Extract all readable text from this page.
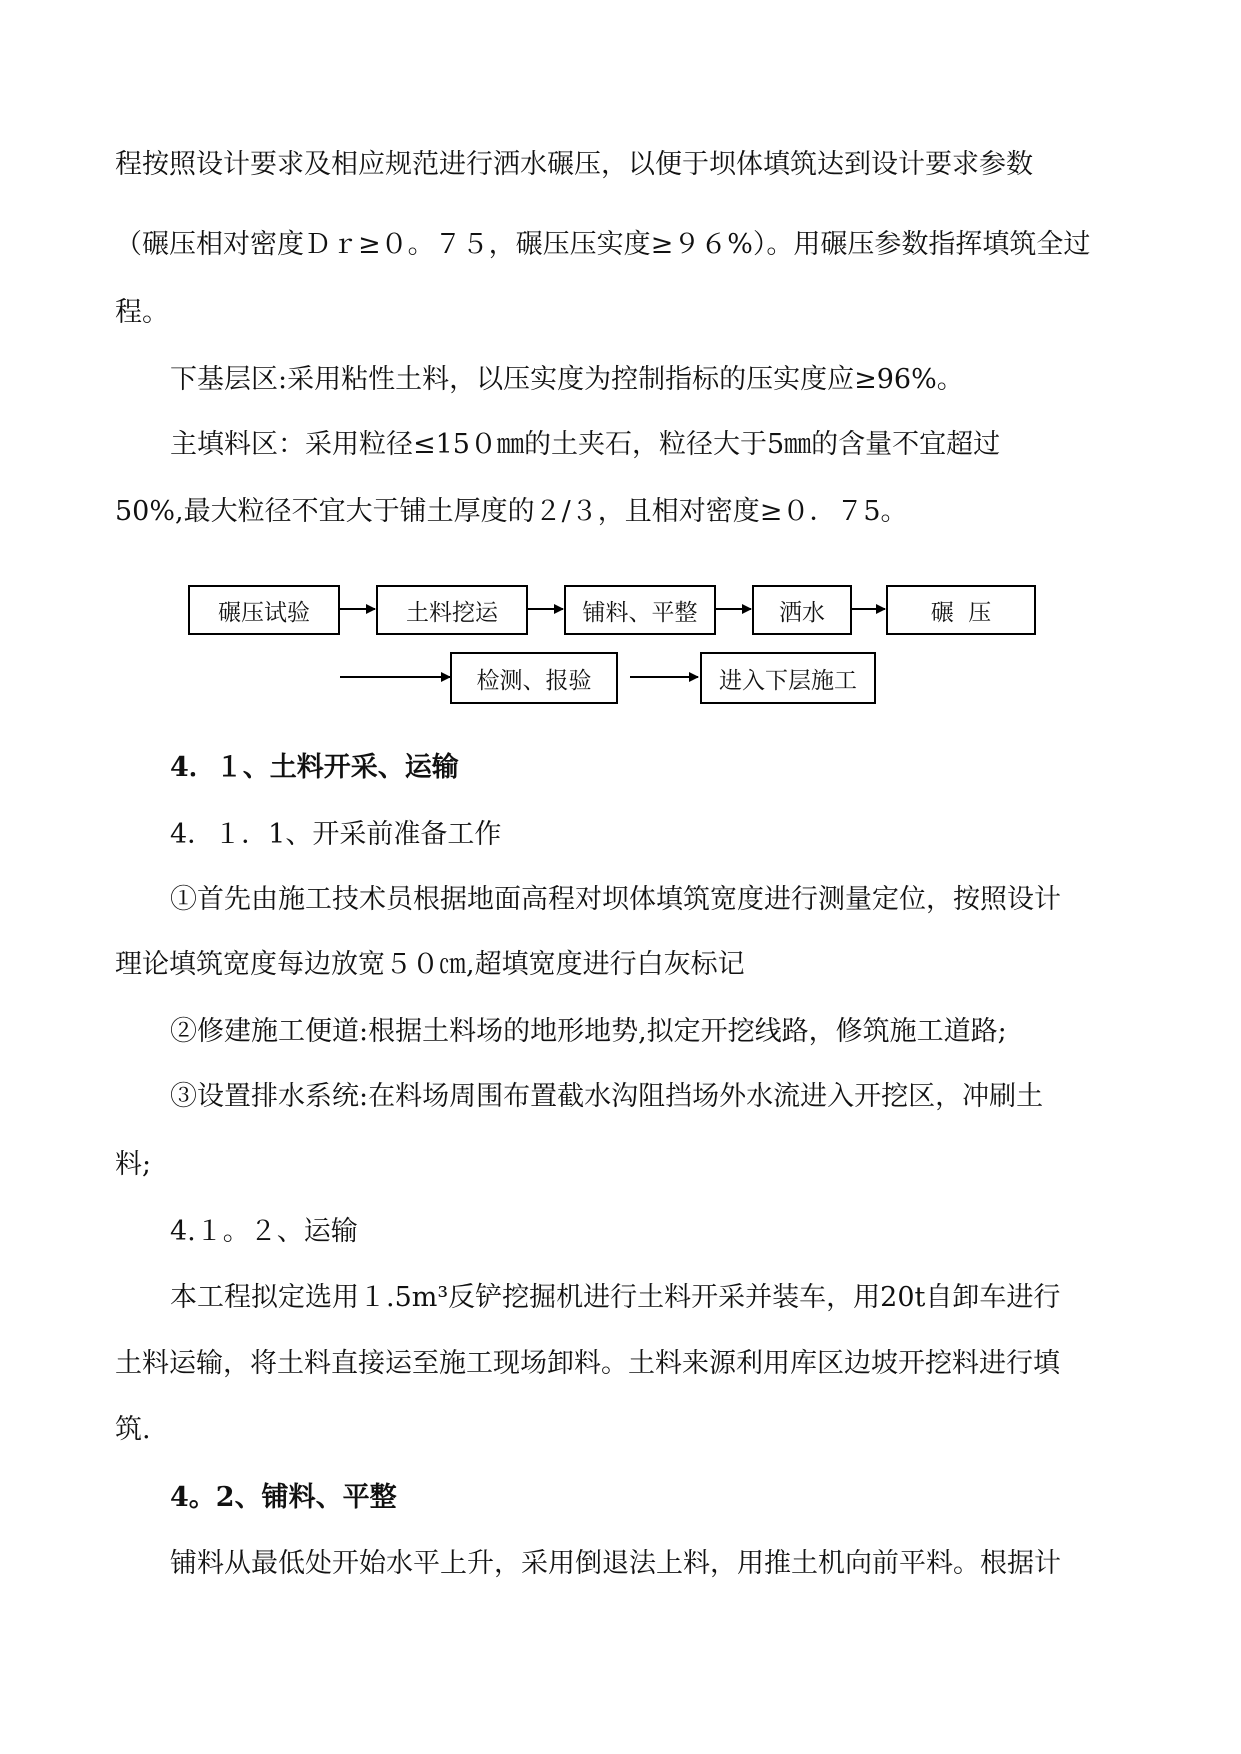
程按照设计要求及相应规范进行洒水碾压，以便于坝体填筑达到设计要求参数
（碾压相对密度Ｄｒ≥０。７５，碾压压实度≥９６%）。用碾压参数指挥填筑全过
程。
下基层区:采用粘性土料，以压实度为控制指标的压实度应≥96%。
主填料区：采用粒径≤15０㎜的土夹石，粒径大于5㎜的含量不宜超过
50%,最大粒径不宜大于铺土厚度的２/３，且相对密度≥０．７5。
碾压试验	土料挖运	铺料、平整	洒水	碾  压
检测、报验	进入下层施工
4．１、土料开采、运输
4．１．1、开采前准备工作
①首先由施工技术员根据地面高程对坝体填筑宽度进行测量定位，按照设计
理论填筑宽度每边放宽５０㎝,超填宽度进行白灰标记
②修建施工便道:根据土料场的地形地势,拟定开挖线路，修筑施工道路;
③设置排水系统:在料场周围布置截水沟阻挡场外水流进入开挖区，冲刷土
料;
4.１。２、运输
本工程拟定选用１.5m³反铲挖掘机进行土料开采并装车，用20t自卸车进行
土料运输，将土料直接运至施工现场卸料。土料来源利用库区边坡开挖料进行填
筑.
4。2、铺料、平整
铺料从最低处开始水平上升，采用倒退法上料，用推土机向前平料。根据计
